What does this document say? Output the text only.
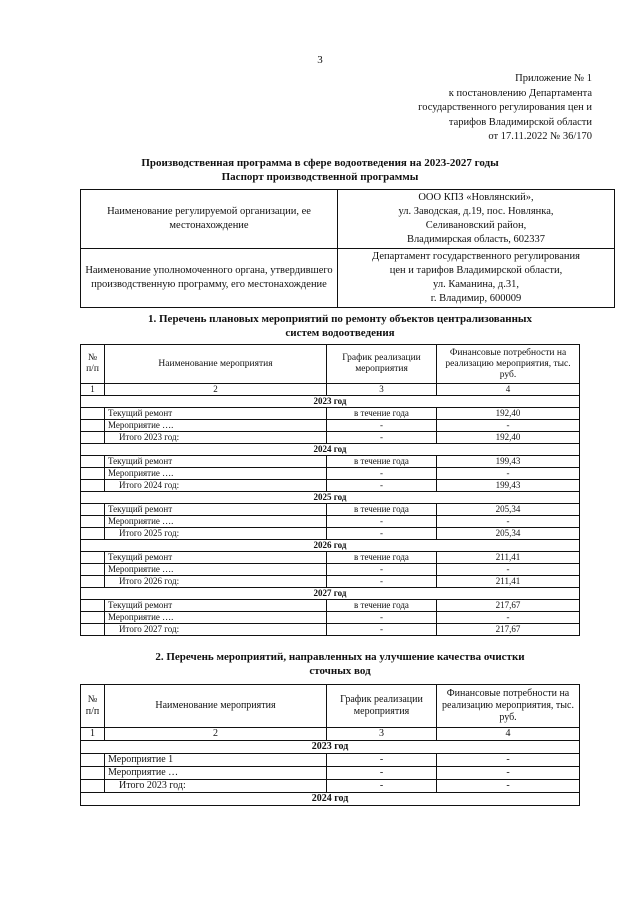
3
Приложение № 1
к постановлению Департамента
государственного регулирования цен и
тарифов Владимирской области
от 17.11.2022 № 36/170
Производственная программа в сфере водоотведения на 2023-2027 годы
Паспорт производственной программы
Наименование регулируемой организации, ее местонахождение	ООО КПЗ «Новлянский»,
ул. Заводская, д.19, пос. Новлянка,
Селивановский район,
Владимирская область, 602337

Наименование уполномоченного органа, утвердившего производственную программу, его местонахождение	Департамент государственного регулирования
цен и тарифов Владимирской области,
ул. Каманина, д.31,
г. Владимир, 600009
1. Перечень плановых мероприятий по ремонту объектов централизованных
систем водоотведения
№ п/п	Наименование мероприятия	График реализации мероприятия	Финансовые потребности на реализацию мероприятия, тыс. руб.
1	2	3	4
2023 год			
	Текущий ремонт	в течение года	192,40
	Мероприятие ….	-	-
	Итого 2023 год:	-	192,40
2024 год			
	Текущий ремонт	в течение года	199,43
	Мероприятие ….	-	-
	Итого 2024 год:	-	199,43
2025 год			
	Текущий ремонт	в течение года	205,34
	Мероприятие ….	-	-
	Итого 2025 год:	-	205,34
2026 год			
	Текущий ремонт	в течение года	211,41
	Мероприятие ….	-	-
	Итого 2026 год:	-	211,41
2027 год			
	Текущий ремонт	в течение года	217,67
	Мероприятие ….	-	-
	Итого 2027 год:	-	217,67
2. Перечень мероприятий, направленных на улучшение качества очистки
сточных вод
№ п/п	Наименование мероприятия	График реализации мероприятия	Финансовые потребности на реализацию мероприятия, тыс. руб.
1	2	3	4
2023 год			
	Мероприятие 1	-	-
	Мероприятие …	-	-
	Итого 2023 год:	-	-
2024 год			
